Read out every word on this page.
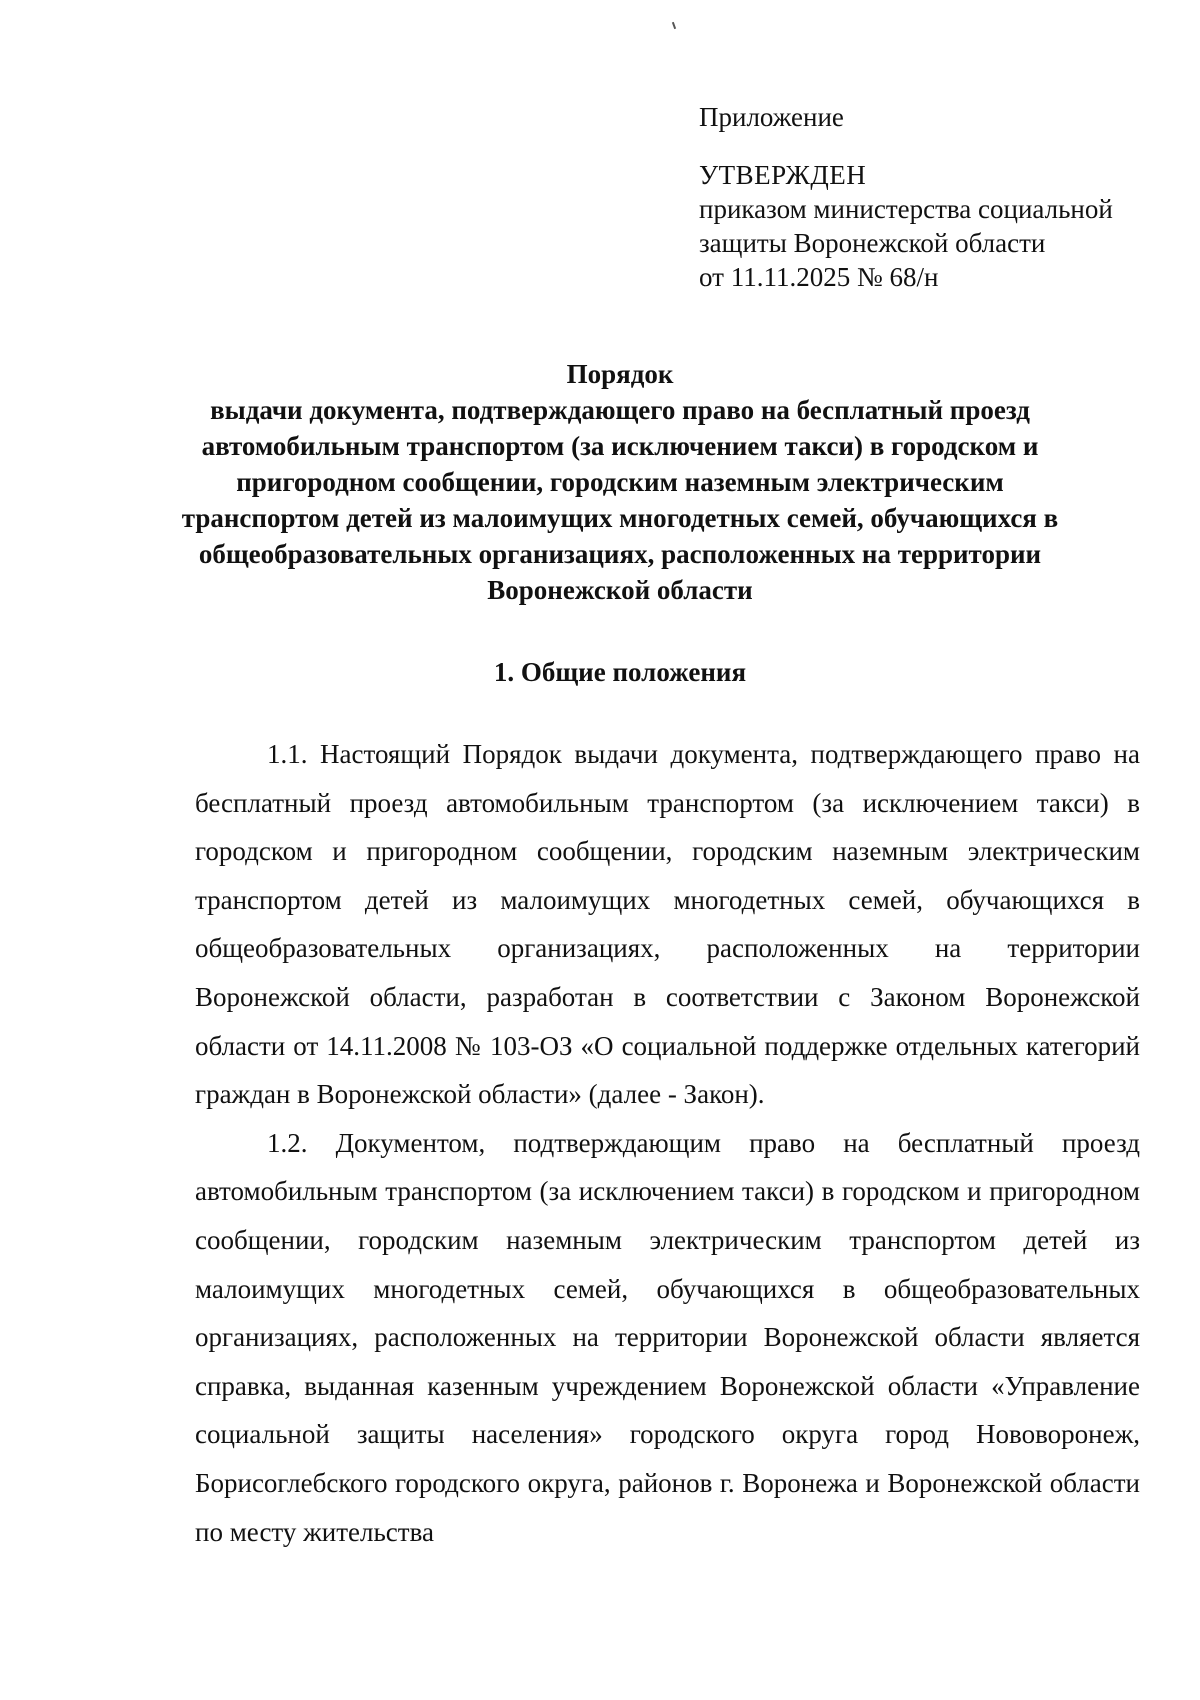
Приложение
УТВЕРЖДЕН
приказом министерства социальной
защиты Воронежской области
от 11.11.2025 № 68/н
Порядок
выдачи документа, подтверждающего право на бесплатный проезд
автомобильным транспортом (за исключением такси) в городском и
пригородном сообщении, городским наземным электрическим
транспортом детей из малоимущих многодетных семей, обучающихся в
общеобразовательных организациях, расположенных на территории
Воронежской области
1. Общие положения

1.1. Настоящий Порядок выдачи документа, подтверждающего право на бесплатный проезд автомобильным транспортом (за исключением такси) в городском и пригородном сообщении, городским наземным электрическим транспортом детей из малоимущих многодетных семей, обучающихся в общеобразовательных организациях, расположенных на территории Воронежской области, разработан в соответствии с Законом Воронежской области от 14.11.2008 № 103-ОЗ «О социальной поддержке отдельных категорий граждан в Воронежской области» (далее - Закон).

1.2. Документом, подтверждающим право на бесплатный проезд автомобильным транспортом (за исключением такси) в городском и пригородном сообщении, городским наземным электрическим транспортом детей из малоимущих многодетных семей, обучающихся в общеобразовательных организациях, расположенных на территории Воронежской области является справка, выданная казенным учреждением Воронежской области «Управление социальной защиты населения» городского округа город Нововоронеж, Борисоглебского городского округа, районов г. Воронежа и Воронежской области по месту жительства
